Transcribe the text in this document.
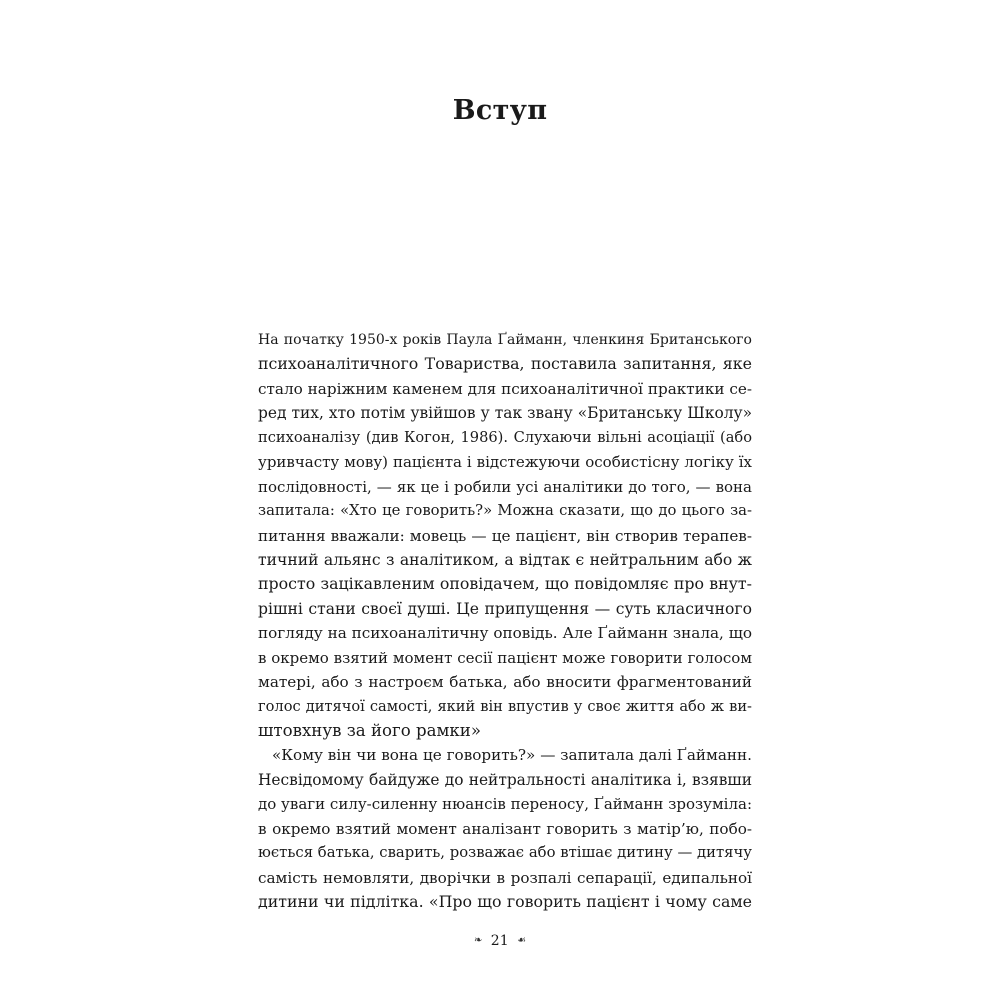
Вступ
На початку 1950-х років Паула Ґайманн, членкиня Британського
психоаналітичного Товариства, поставила запитання, яке
стало наріжним каменем для психоаналітичної практики се-
ред тих, хто потім увійшов у так звану «Британську Школу»
психоаналізу (див Когон, 1986). Слухаючи вільні асоціації (або
уривчасту мову) пацієнта і відстежуючи особистісну логіку їх
послідовності, — як це і робили усі аналітики до того, — вона
запитала: «Хто це говорить?» Можна сказати, що до цього за-
питання вважали: мовець — це пацієнт, він створив терапев-
тичний альянс з аналітиком, а відтак є нейтральним або ж
просто зацікавленим оповідачем, що повідомляє про внут-
рішні стани своєї душі. Це припущення — суть класичного
погляду на психоаналітичну оповідь. Але Ґайманн знала, що
в окремо взятий момент сесії пацієнт може говорити голосом
матері, або з настроєм батька, або вносити фрагментований
голос дитячої самості, який він впустив у своє життя або ж ви-
штовхнув за його рамки»
«Кому він чи вона це говорить?» — запитала далі Ґайманн.
Несвідомому байдуже до нейтральності аналітика і, взявши
до уваги силу-силенну нюансів переносу, Ґайманн зрозуміла:
в окремо взятий момент аналізант говорить з матір’ю, побо-
юється батька, сварить, розважає або втішає дитину — дитячу
самість немовляти, дворічки в розпалі сепарації, едипальної
дитини чи підлітка. «Про що говорить пацієнт і чому саме
❧ 21 ☙
